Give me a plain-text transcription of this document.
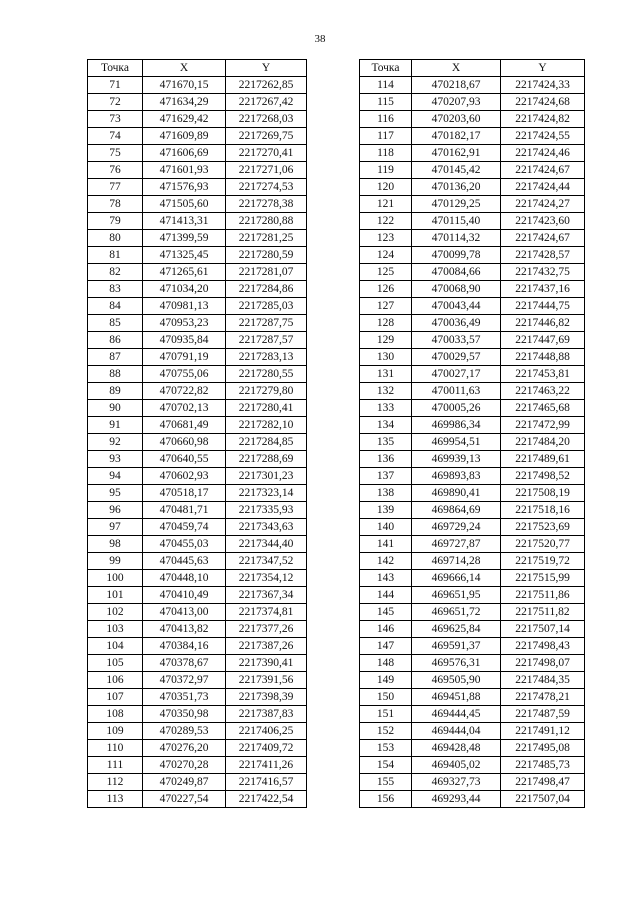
38
Точка	X	Y
71	471670,15	2217262,85
72	471634,29	2217267,42
73	471629,42	2217268,03
74	471609,89	2217269,75
75	471606,69	2217270,41
76	471601,93	2217271,06
77	471576,93	2217274,53
78	471505,60	2217278,38
79	471413,31	2217280,88
80	471399,59	2217281,25
81	471325,45	2217280,59
82	471265,61	2217281,07
83	471034,20	2217284,86
84	470981,13	2217285,03
85	470953,23	2217287,75
86	470935,84	2217287,57
87	470791,19	2217283,13
88	470755,06	2217280,55
89	470722,82	2217279,80
90	470702,13	2217280,41
91	470681,49	2217282,10
92	470660,98	2217284,85
93	470640,55	2217288,69
94	470602,93	2217301,23
95	470518,17	2217323,14
96	470481,71	2217335,93
97	470459,74	2217343,63
98	470455,03	2217344,40
99	470445,63	2217347,52
100	470448,10	2217354,12
101	470410,49	2217367,34
102	470413,00	2217374,81
103	470413,82	2217377,26
104	470384,16	2217387,26
105	470378,67	2217390,41
106	470372,97	2217391,56
107	470351,73	2217398,39
108	470350,98	2217387,83
109	470289,53	2217406,25
110	470276,20	2217409,72
111	470270,28	2217411,26
112	470249,87	2217416,57
113	470227,54	2217422,54
Точка	X	Y
114	470218,67	2217424,33
115	470207,93	2217424,68
116	470203,60	2217424,82
117	470182,17	2217424,55
118	470162,91	2217424,46
119	470145,42	2217424,67
120	470136,20	2217424,44
121	470129,25	2217424,27
122	470115,40	2217423,60
123	470114,32	2217424,67
124	470099,78	2217428,57
125	470084,66	2217432,75
126	470068,90	2217437,16
127	470043,44	2217444,75
128	470036,49	2217446,82
129	470033,57	2217447,69
130	470029,57	2217448,88
131	470027,17	2217453,81
132	470011,63	2217463,22
133	470005,26	2217465,68
134	469986,34	2217472,99
135	469954,51	2217484,20
136	469939,13	2217489,61
137	469893,83	2217498,52
138	469890,41	2217508,19
139	469864,69	2217518,16
140	469729,24	2217523,69
141	469727,87	2217520,77
142	469714,28	2217519,72
143	469666,14	2217515,99
144	469651,95	2217511,86
145	469651,72	2217511,82
146	469625,84	2217507,14
147	469591,37	2217498,43
148	469576,31	2217498,07
149	469505,90	2217484,35
150	469451,88	2217478,21
151	469444,45	2217487,59
152	469444,04	2217491,12
153	469428,48	2217495,08
154	469405,02	2217485,73
155	469327,73	2217498,47
156	469293,44	2217507,04
